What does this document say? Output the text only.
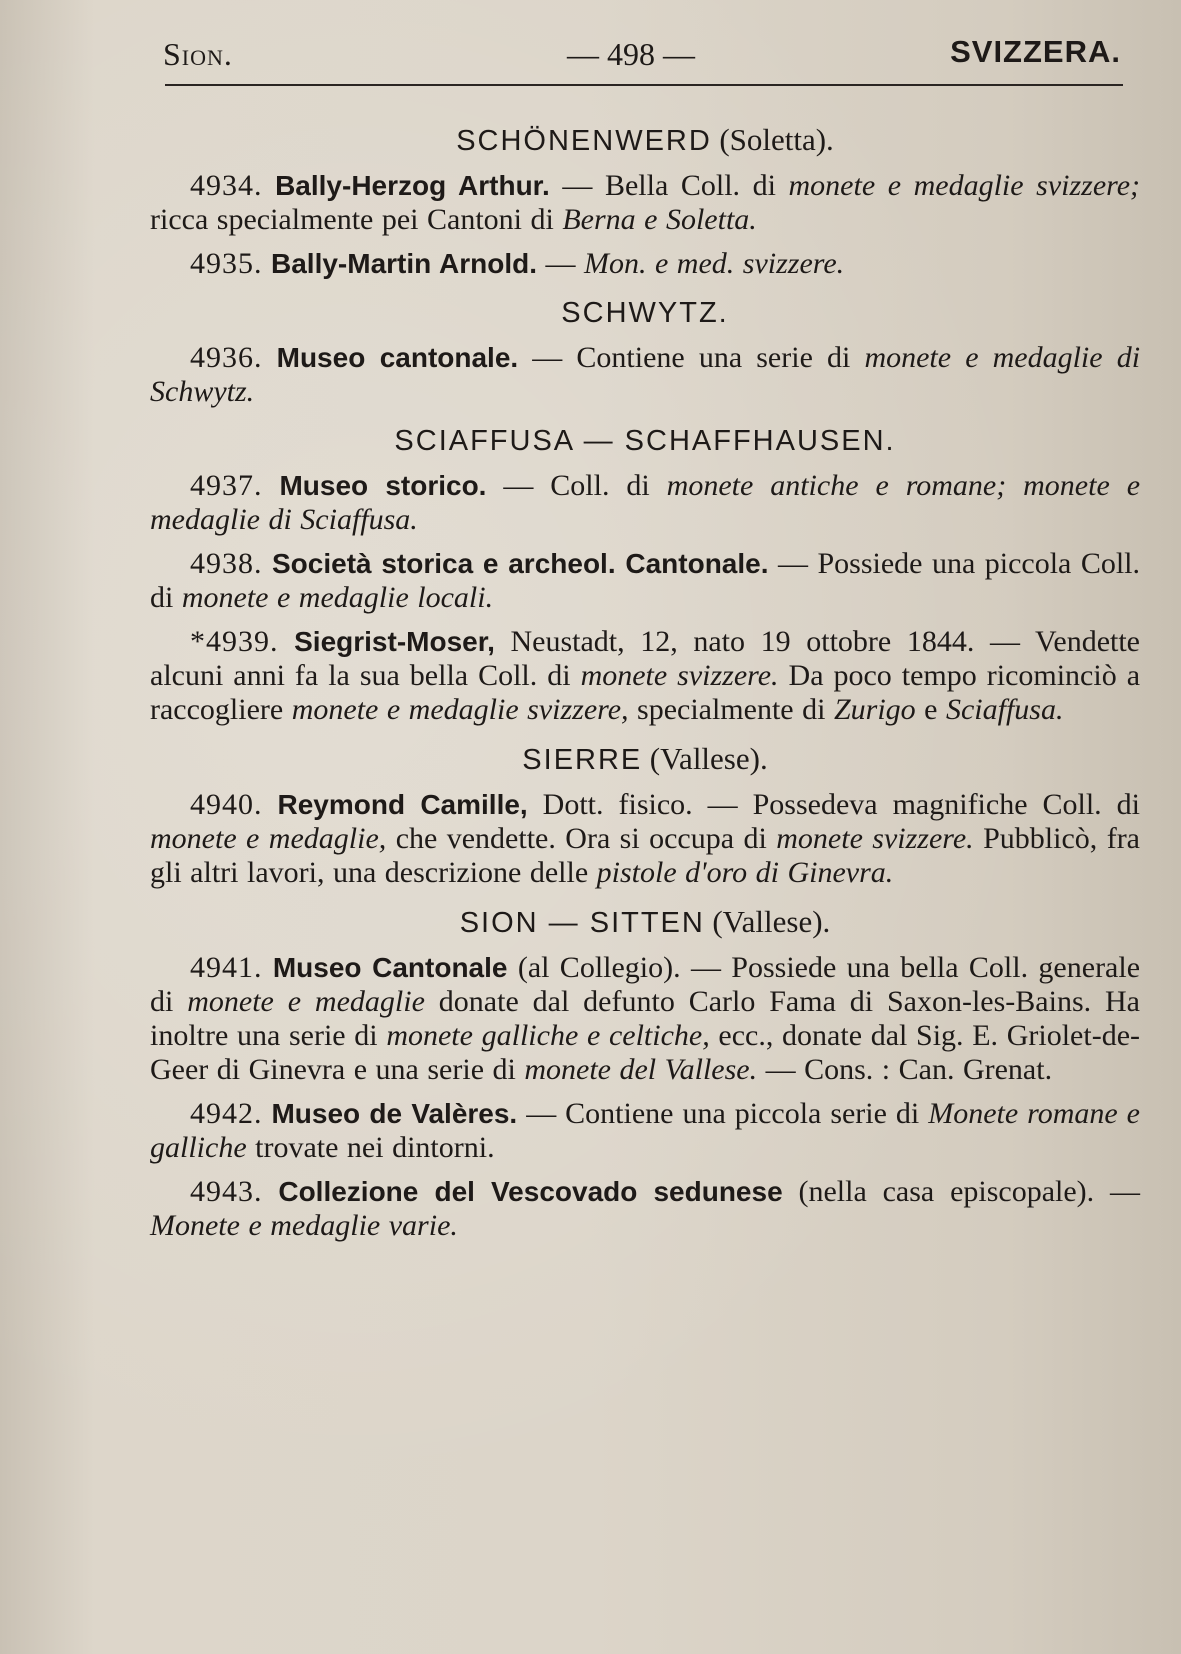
Sion.	— 498 —	SVIZZERA.
SCHÖNENWERD (Soletta).

4934. Bally-Herzog Arthur. — Bella Coll. di monete e medaglie svizzere; ricca specialmente pei Cantoni di Berna e Soletta.

4935. Bally-Martin Arnold. — Mon. e med. svizzere.

SCHWYTZ.

4936. Museo cantonale. — Contiene una serie di monete e medaglie di Schwytz.

SCIAFFUSA — SCHAFFHAUSEN.

4937. Museo storico. — Coll. di monete antiche e romane; monete e medaglie di Sciaffusa.

4938. Società storica e archeol. Cantonale. — Possiede una piccola Coll. di monete e medaglie locali.

*4939. Siegrist-Moser, Neustadt, 12, nato 19 ottobre 1844. — Vendette alcuni anni fa la sua bella Coll. di monete svizzere. Da poco tempo ricominciò a raccogliere monete e medaglie svizzere, specialmente di Zurigo e Sciaffusa.

SIERRE (Vallese).

4940. Reymond Camille, Dott. fisico. — Possedeva magnifiche Coll. di monete e medaglie, che vendette. Ora si occupa di monete svizzere. Pubblicò, fra gli altri lavori, una descrizione delle pistole d'oro di Ginevra.

SION — SITTEN (Vallese).

4941. Museo Cantonale (al Collegio). — Possiede una bella Coll. generale di monete e medaglie donate dal defunto Carlo Fama di Saxon-les-Bains. Ha inoltre una serie di monete galliche e celtiche, ecc., donate dal Sig. E. Griolet-de-Geer di Ginevra e una serie di monete del Vallese. — Cons. : Can. Grenat.

4942. Museo de Valères. — Contiene una piccola serie di Monete romane e galliche trovate nei dintorni.

4943. Collezione del Vescovado sedunese (nella casa episcopale). — Monete e medaglie varie.
